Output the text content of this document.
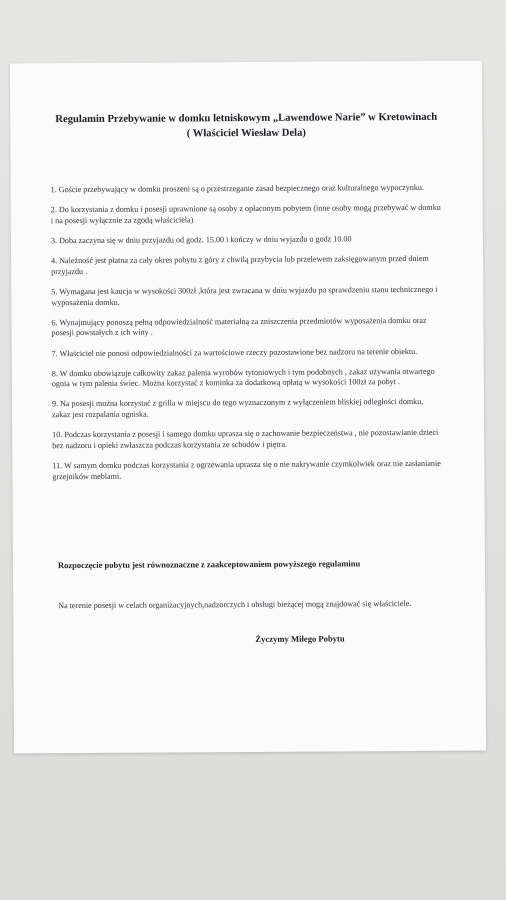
Regulamin Przebywanie w domku letniskowym „Lawendowe Narie” w Kretowinach
( Właściciel Wiesław Dela)
1. Goście przebywający w domku proszeni są o przestrzeganie zasad bezpiecznego oraz kulturalnego wypoczynku.
2. Do korzystania z domku i posesji uprawnione są osoby z opłaconym pobytem (inne osoby mogą przebywać w domku i na posesji wyłącznie za zgodą właściciela)
3. Doba zaczyna się w dniu przyjazdu od godz. 15.00 i kończy w dniu wyjazdu o godz 10.00
4. Należność jest płatna za cały okres pobytu z góry z chwilą przybycia lub przelewem zaksięgowanym przed dniem przyjazdu .
5. Wymagana jest kaucja w wysokości 300zł ,która jest zwracana w dniu wyjazdu po sprawdzeniu stanu technicznego i wyposażenia domku.
6. Wynajmujący ponoszą pełną odpowiedzialność materialną za zniszczenia przedmiotów wyposażenia domku oraz posesji powstałych z ich winy .
7. Właściciel nie ponosi odpowiedzialności za wartościowe rzeczy pozostawione bez nadzoru na terenie obiektu.
8. W domku obowiązuje całkowity zakaz palenia wyrobów tytoniowych i tym podobnych , zakaz używania otwartego ognia w tym palenia świec. Można korzystać z kominka za dodatkową opłatą w wysokości 100zł za pobyt .
9. Na posesji można korzystać z grilla w miejscu do tego wyznaczonym z wyłączeniem bliskiej odległości domku, zakaz jest rozpalania ogniska.
10. Podczas korzystania z posesji i samego domku uprasza się o zachowanie bezpieczeństwa , nie pozostawianie dzieci bez nadzoru i opieki zwłaszcza podczas korzystania ze schodów i piętra.
11. W samym domku podczas korzystania z ogrzewania uprasza się o nie nakrywanie czymkolwiek oraz nie zasłanianie grzejników meblami.
Rozpoczęcie pobytu jest równoznaczne z zaakceptowaniem powyższego regulaminu
Na terenie posesji w celach organizacyjnych,nadzorczych i obsługi bieżącej mogą znajdować się właściciele.
Życzymy Miłego Pobytu
